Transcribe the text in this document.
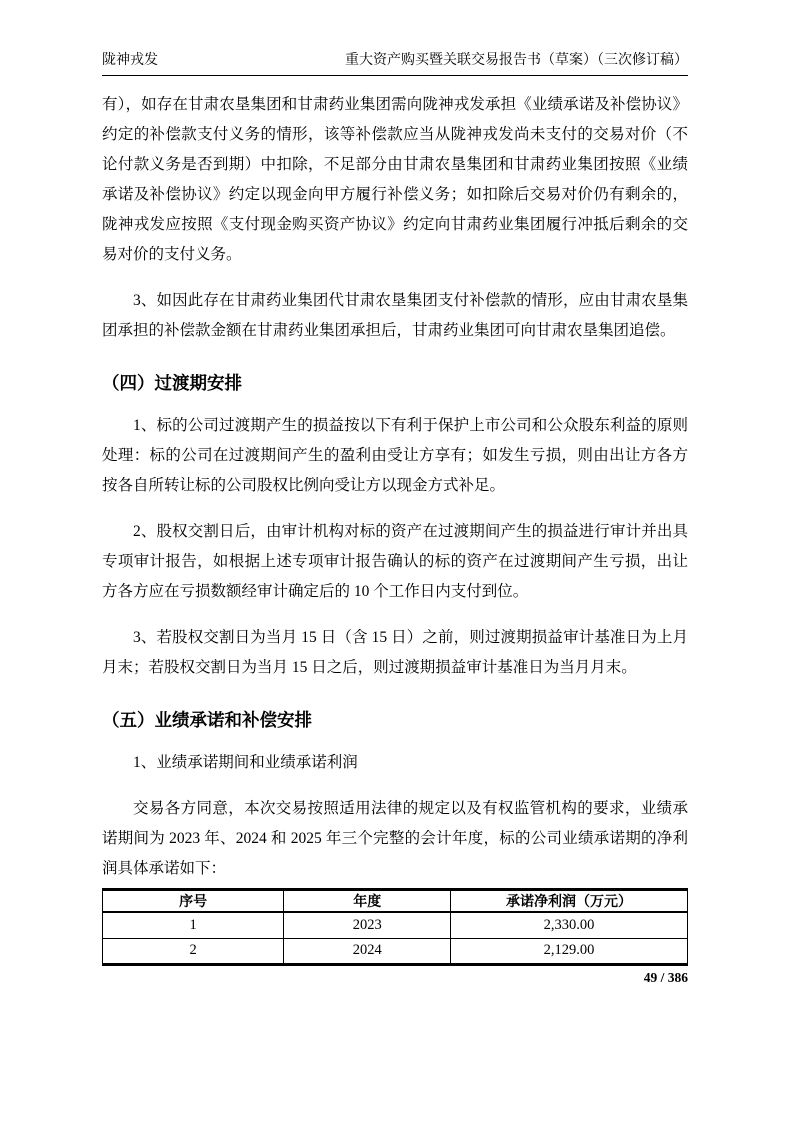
陇神戎发	重大资产购买暨关联交易报告书（草案）（三次修订稿）

有），如存在甘肃农垦集团和甘肃药业集团需向陇神戎发承担《业绩承诺及补偿协议》约定的补偿款支付义务的情形，该等补偿款应当从陇神戎发尚未支付的交易对价（不论付款义务是否到期）中扣除，不足部分由甘肃农垦集团和甘肃药业集团按照《业绩承诺及补偿协议》约定以现金向甲方履行补偿义务；如扣除后交易对价仍有剩余的，陇神戎发应按照《支付现金购买资产协议》约定向甘肃药业集团履行冲抵后剩余的交易对价的支付义务。

3、如因此存在甘肃药业集团代甘肃农垦集团支付补偿款的情形，应由甘肃农垦集团承担的补偿款金额在甘肃药业集团承担后，甘肃药业集团可向甘肃农垦集团追偿。

（四）过渡期安排

1、标的公司过渡期产生的损益按以下有利于保护上市公司和公众股东利益的原则处理：标的公司在过渡期间产生的盈利由受让方享有；如发生亏损，则由出让方各方按各自所转让标的公司股权比例向受让方以现金方式补足。

2、股权交割日后，由审计机构对标的资产在过渡期间产生的损益进行审计并出具专项审计报告，如根据上述专项审计报告确认的标的资产在过渡期间产生亏损，出让方各方应在亏损数额经审计确定后的 10 个工作日内支付到位。

3、若股权交割日为当月 15 日（含 15 日）之前，则过渡期损益审计基准日为上月月末；若股权交割日为当月 15 日之后，则过渡期损益审计基准日为当月月末。

（五）业绩承诺和补偿安排

1、业绩承诺期间和业绩承诺利润

交易各方同意，本次交易按照适用法律的规定以及有权监管机构的要求，业绩承诺期间为 2023 年、2024 和 2025 年三个完整的会计年度，标的公司业绩承诺期的净利润具体承诺如下：

序号	年度	承诺净利润（万元）
1	2023	2,330.00
2	2024	2,129.00
49 / 386
